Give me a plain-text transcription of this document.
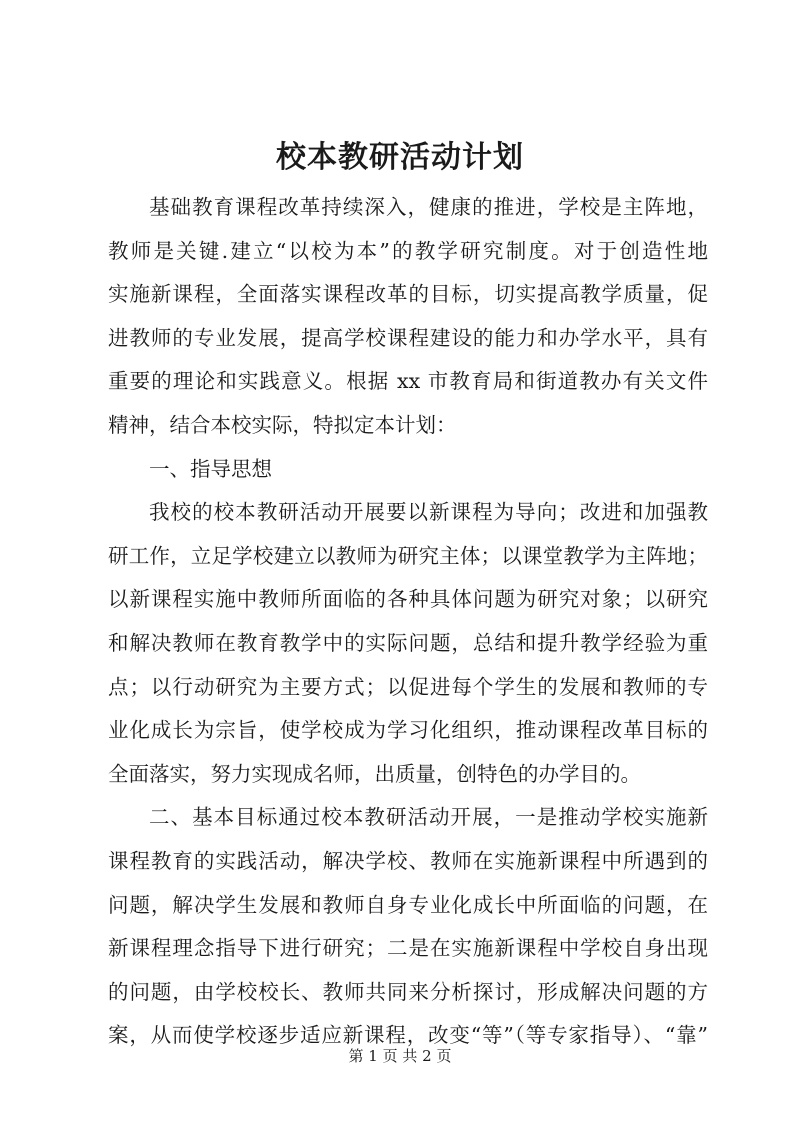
校本教研活动计划
基础教育课程改革持续深入，健康的推进，学校是主阵地，
教师是关键.建立“以校为本”的教学研究制度。对于创造性地
实施新课程，全面落实课程改革的目标，切实提高教学质量，促
进教师的专业发展，提高学校课程建设的能力和办学水平，具有
重要的理论和实践意义。根据 xx 市教育局和街道教办有关文件
精神，结合本校实际，特拟定本计划：
一、指导思想
我校的校本教研活动开展要以新课程为导向；改进和加强教
研工作，立足学校建立以教师为研究主体；以课堂教学为主阵地；
以新课程实施中教师所面临的各种具体问题为研究对象；以研究
和解决教师在教育教学中的实际问题，总结和提升教学经验为重
点；以行动研究为主要方式；以促进每个学生的发展和教师的专
业化成长为宗旨，使学校成为学习化组织，推动课程改革目标的
全面落实，努力实现成名师，出质量，创特色的办学目的。
二、基本目标通过校本教研活动开展，一是推动学校实施新
课程教育的实践活动，解决学校、教师在实施新课程中所遇到的
问题，解决学生发展和教师自身专业化成长中所面临的问题，在
新课程理念指导下进行研究；二是在实施新课程中学校自身出现
的问题，由学校校长、教师共同来分析探讨，形成解决问题的方
案，从而使学校逐步适应新课程，改变“等”（等专家指导）、“靠”
第 1 页 共 2 页
